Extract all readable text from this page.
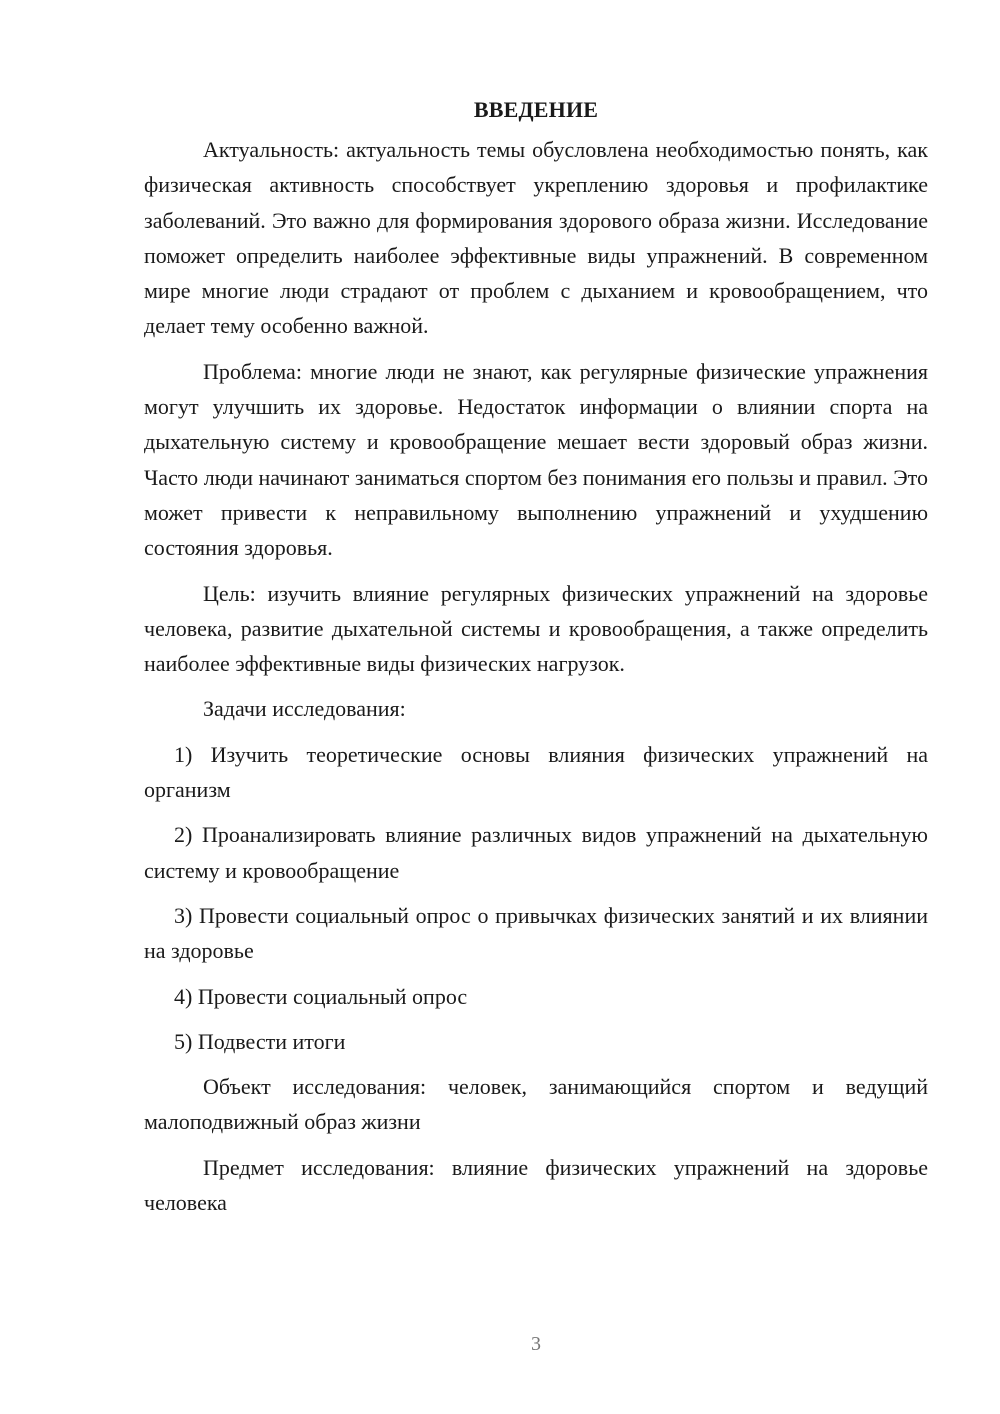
ВВЕДЕНИЕ

Актуальность: актуальность темы обусловлена необходимостью понять, как физическая активность способствует укреплению здоровья и профилактике заболеваний. Это важно для формирования здорового образа жизни. Исследование поможет определить наиболее эффективные виды упражнений. В современном мире многие люди страдают от проблем с дыханием и кровообращением, что делает тему особенно важной.

Проблема: многие люди не знают, как регулярные физические упражнения могут улучшить их здоровье. Недостаток информации о влиянии спорта на дыхательную систему и кровообращение мешает вести здоровый образ жизни. Часто люди начинают заниматься спортом без понимания его пользы и правил. Это может привести к неправильному выполнению упражнений и ухудшению состояния здоровья.

Цель: изучить влияние регулярных физических упражнений на здоровье человека, развитие дыхательной системы и кровообращения, а также определить наиболее эффективные виды физических нагрузок.

Задачи исследования:

1) Изучить теоретические основы влияния физических упражнений на организм

2) Проанализировать влияние различных видов упражнений на дыхательную систему и кровообращение

3) Провести социальный опрос о привычках физических занятий и их влиянии на здоровье

4) Провести социальный опрос

5) Подвести итоги

Объект исследования: человек, занимающийся спортом и ведущий малоподвижный образ жизни

Предмет исследования: влияние физических упражнений на здоровье человека

3
